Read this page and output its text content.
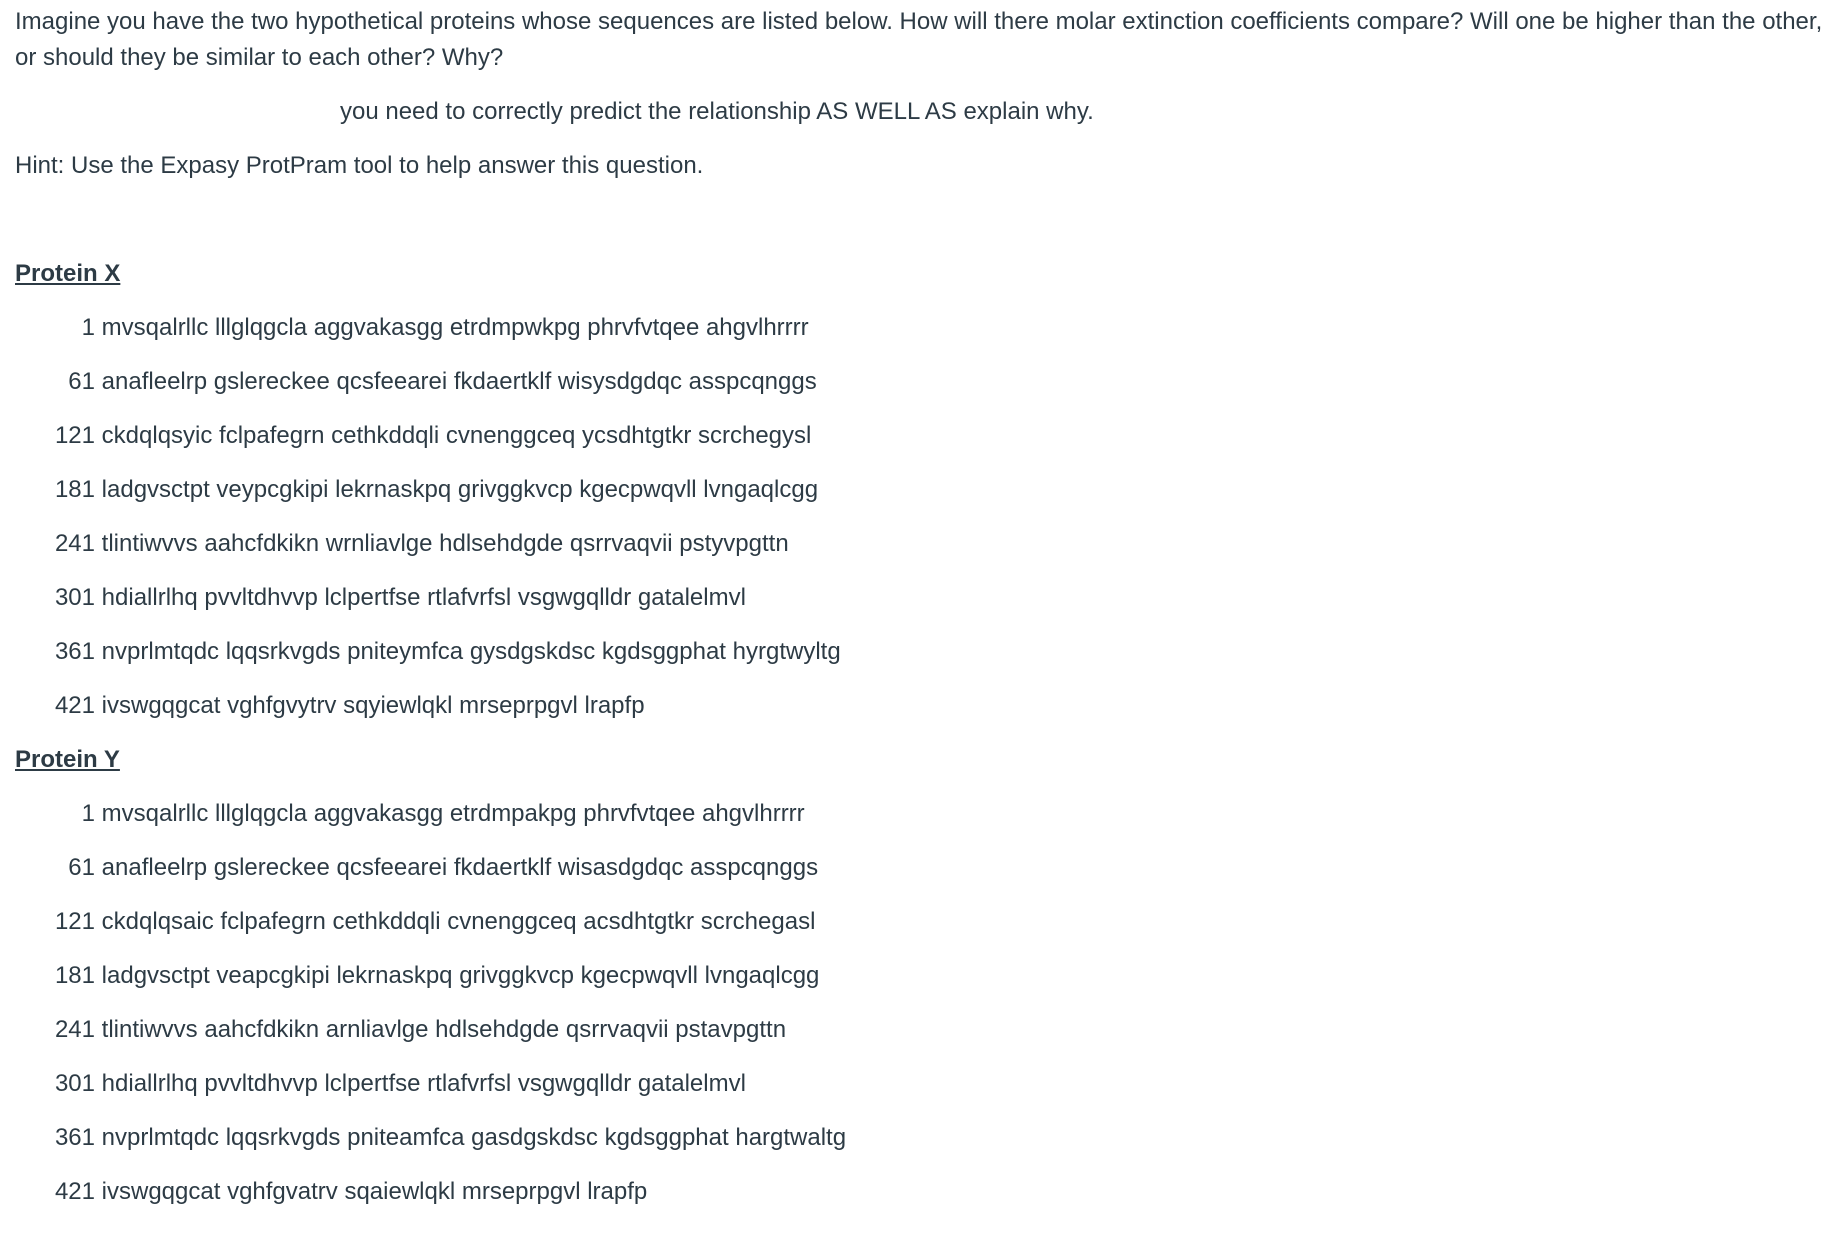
Imagine you have the two hypothetical proteins whose sequences are listed below. How will there molar extinction coefficients compare? Will one be higher than the other, or should they be similar to each other? Why?

you need to correctly predict the relationship AS WELL AS explain why.

Hint: Use the Expasy ProtPram tool to help answer this question.

Protein X
1 mvsqalrllc lllglqgcla aggvakasgg etrdmpwkpg phrvfvtqee ahgvlhrrrr
61 anafleelrp gslereckee qcsfeearei fkdaertklf wisysdgdqc asspcqnggs
121 ckdqlqsyic fclpafegrn cethkddqli cvnenggceq ycsdhtgtkr scrchegysl
181 ladgvsctpt veypcgkipi lekrnaskpq grivggkvcp kgecpwqvll lvngaqlcgg
241 tlintiwvvs aahcfdkikn wrnliavlge hdlsehdgde qsrrvaqvii pstyvpgttn
301 hdiallrlhq pvvltdhvvp lclpertfse rtlafvrfsl vsgwgqlldr gatalelmvl
361 nvprlmtqdc lqqsrkvgds pniteymfca gysdgskdsc kgdsggphat hyrgtwyltg
421 ivswgqgcat vghfgvytrv sqyiewlqkl mrseprpgvl lrapfp
Protein Y
1 mvsqalrllc lllglqgcla aggvakasgg etrdmpakpg phrvfvtqee ahgvlhrrrr
61 anafleelrp gslereckee qcsfeearei fkdaertklf wisasdgdqc asspcqnggs
121 ckdqlqsaic fclpafegrn cethkddqli cvnenggceq acsdhtgtkr scrchegasl
181 ladgvsctpt veapcgkipi lekrnaskpq grivggkvcp kgecpwqvll lvngaqlcgg
241 tlintiwvvs aahcfdkikn arnliavlge hdlsehdgde qsrrvaqvii pstavpgttn
301 hdiallrlhq pvvltdhvvp lclpertfse rtlafvrfsl vsgwgqlldr gatalelmvl
361 nvprlmtqdc lqqsrkvgds pniteamfca gasdgskdsc kgdsggphat hargtwaltg
421 ivswgqgcat vghfgvatrv sqaiewlqkl mrseprpgvl lrapfp
